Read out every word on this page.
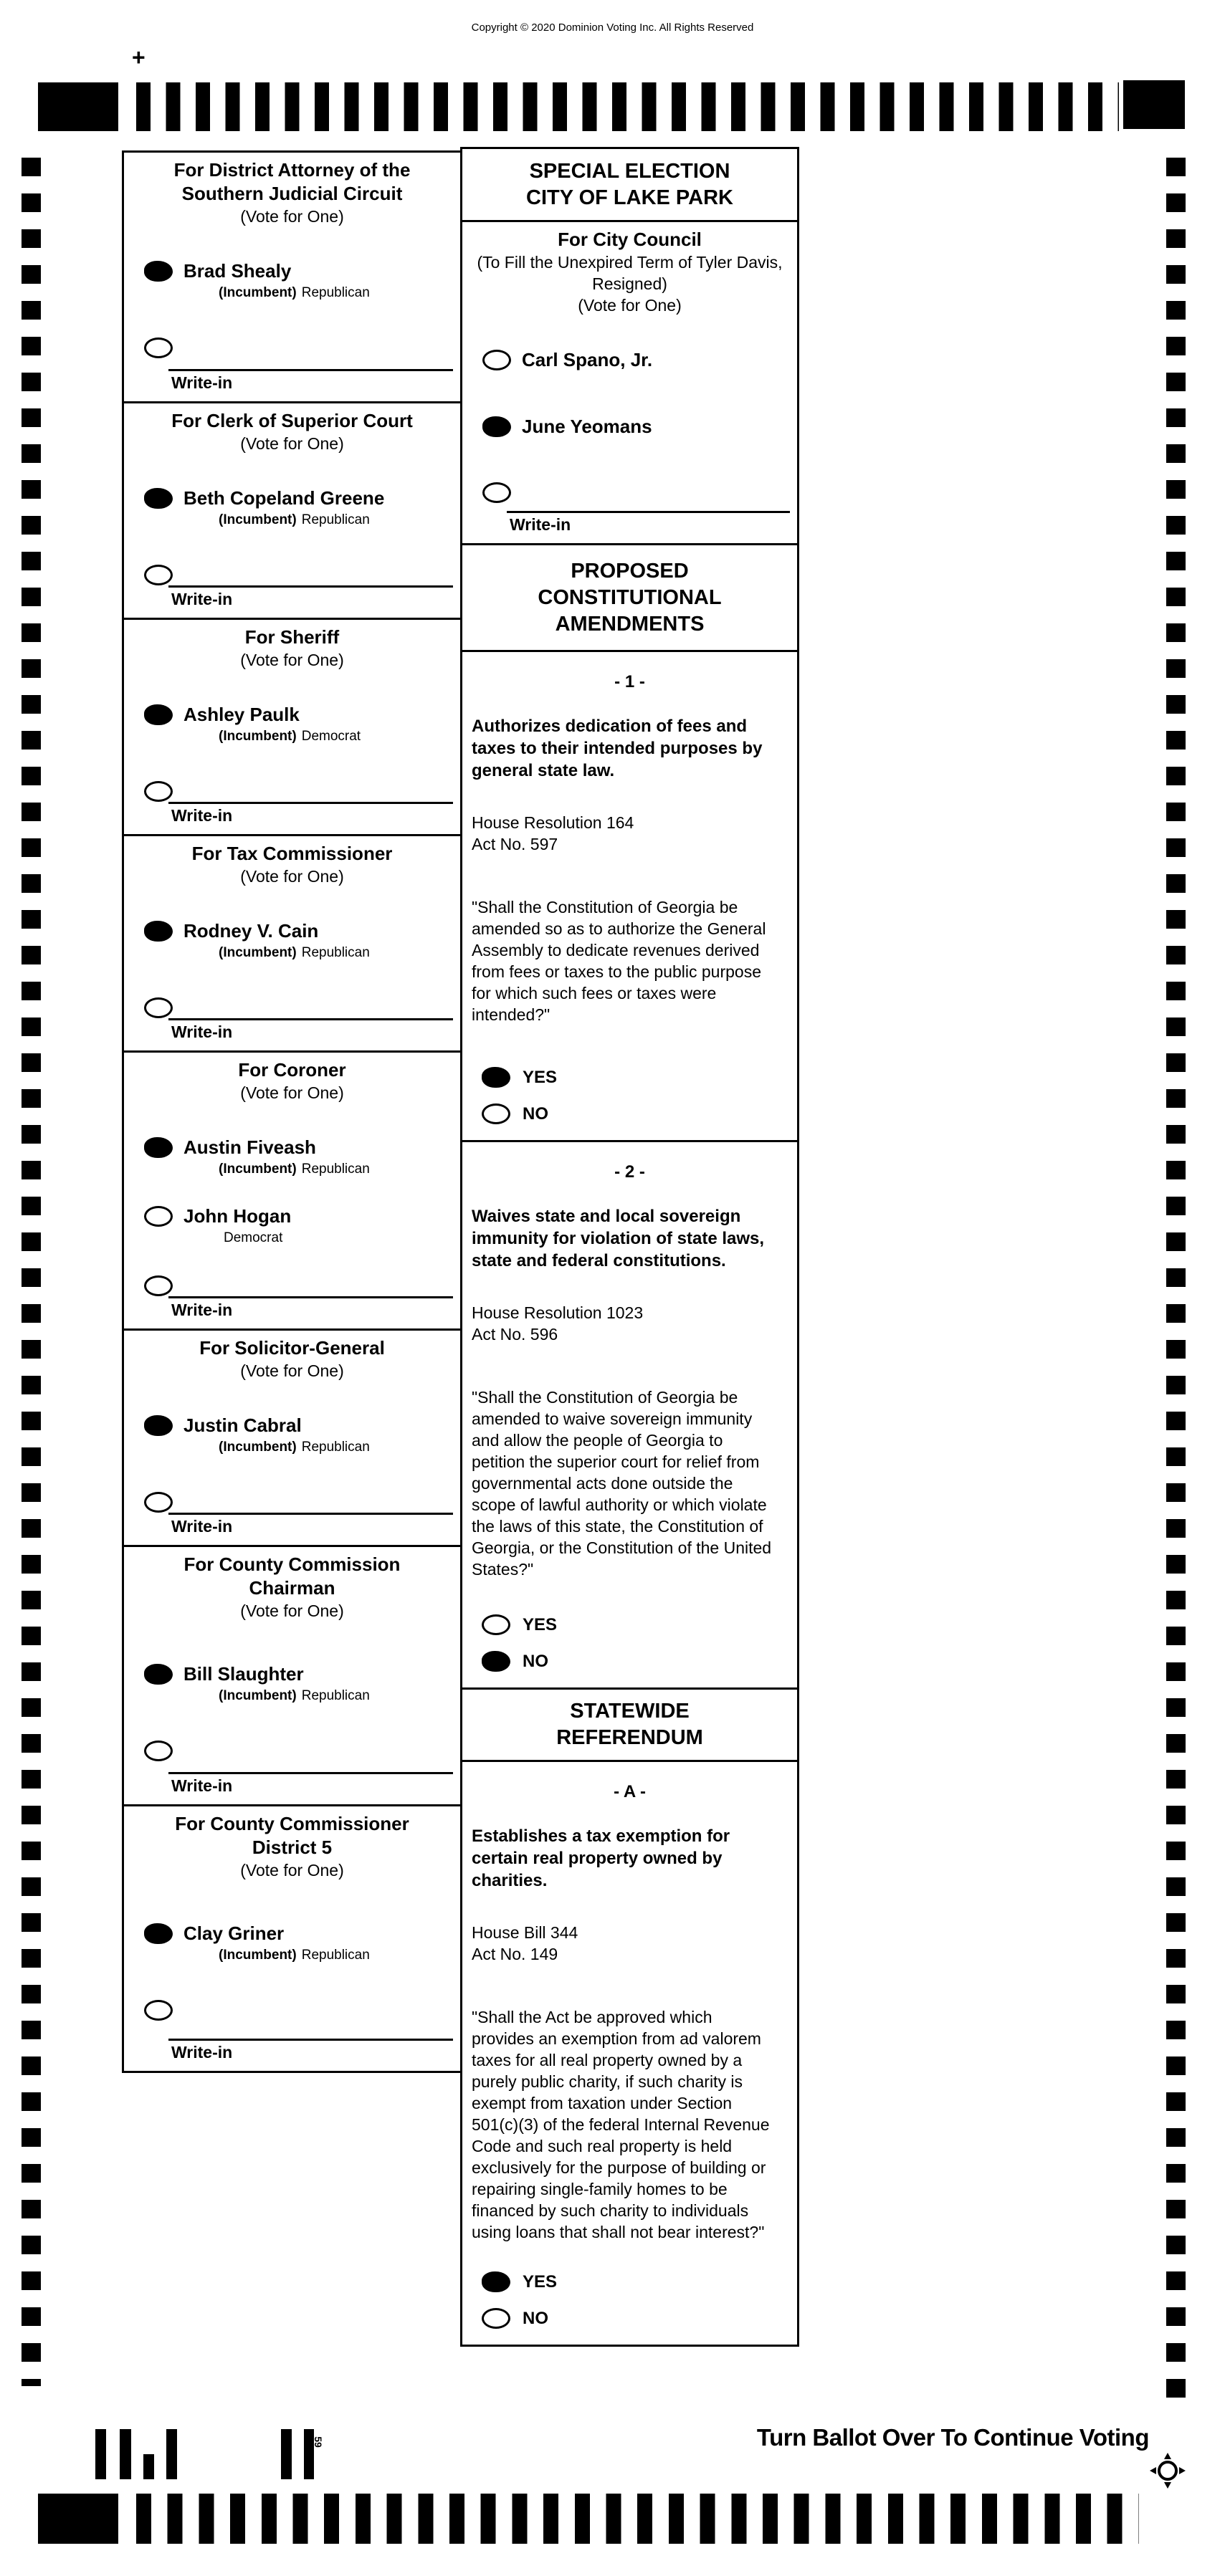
Copyright © 2020 Dominion Voting Inc. All Rights Reserved
+
59
For District Attorney of the
Southern Judicial Circuit
(Vote for One)
Brad Shealy
(Incumbent) Republican
Write-in
For Clerk of Superior Court
(Vote for One)
Beth Copeland Greene
(Incumbent) Republican
Write-in
For Sheriff
(Vote for One)
Ashley Paulk
(Incumbent) Democrat
Write-in
For Tax Commissioner
(Vote for One)
Rodney V. Cain
(Incumbent) Republican
Write-in
For Coroner
(Vote for One)
Austin Fiveash
(Incumbent) Republican
John Hogan
Democrat
Write-in
For Solicitor-General
(Vote for One)
Justin Cabral
(Incumbent) Republican
Write-in
For County Commission
Chairman
(Vote for One)
Bill Slaughter
(Incumbent) Republican
Write-in
For County Commissioner
District 5
(Vote for One)
Clay Griner
(Incumbent) Republican
Write-in
SPECIAL ELECTION
CITY OF LAKE PARK
For City Council
(To Fill the Unexpired Term of Tyler Davis,
Resigned)
(Vote for One)
Carl Spano, Jr.
June Yeomans
Write-in
PROPOSED
CONSTITUTIONAL
AMENDMENTS
- 1 -
Authorizes dedication of fees and
taxes to their intended purposes by
general state law.
House Resolution 164
Act No. 597
"Shall the Constitution of Georgia be
amended so as to authorize the General
Assembly to dedicate revenues derived
from fees or taxes to the public purpose
for which such fees or taxes were
intended?"
YES
NO
- 2 -
Waives state and local sovereign
immunity for violation of state laws,
state and federal constitutions.
House Resolution 1023
Act No. 596
"Shall the Constitution of Georgia be
amended to waive sovereign immunity
and allow the people of Georgia to
petition the superior court for relief from
governmental acts done outside the
scope of lawful authority or which violate
the laws of this state, the Constitution of
Georgia, or the Constitution of the United
States?"
YES
NO
STATEWIDE
REFERENDUM
- A -
Establishes a tax exemption for
certain real property owned by
charities.
House Bill 344
Act No. 149
"Shall the Act be approved which
provides an exemption from ad valorem
taxes for all real property owned by a
purely public charity, if such charity is
exempt from taxation under Section
501(c)(3) of the federal Internal Revenue
Code and such real property is held
exclusively for the purpose of building or
repairing single-family homes to be
financed by such charity to individuals
using loans that shall not bear interest?"
YES
NO
Turn Ballot Over To Continue Voting
